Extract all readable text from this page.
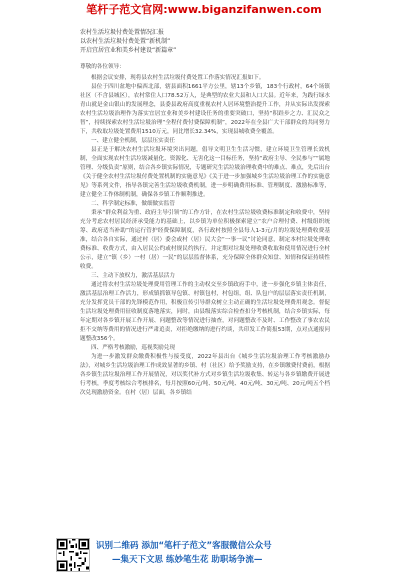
笔杆子范文官网:www.biganzifanwen.com
农村生活垃圾付费处置情况汇报
以农村生活垃圾付费处置“新机制”
开启宜居宜业和美乡村建设“新篇章”
尊敬的各位领导：

根据会议安排，现将县农村生活垃圾付费处置工作落实情况汇报如下。

县位于四川盆地中偏西北部，辖县面积1661平方公里，辖13个乡镇，183个行政村，64个场镇社区（不含县城区），农村常住人口78.52万人，是典型的农业大县和人口大县。近年来，为践行绿水青山就是金山银山的发展理念，县委县政府高度重视农村人居环境整治提升工作，并从实际出发探索农村生活垃圾治理作为落实宜居宜业和美乡村建设任务的重要突破口，坚持“积跬步之力、汇民众之智”，持续探索农村生活垃圾治理“全程付费付费保障机制”，2022年在全县广大干部群众的共同努力下，共收取垃圾处置费用1510万元，同比增长32.34%，实现县城收费全覆盖。

一、建立健全机制，层层压实责任

县正是于解决农村生活垃圾环境突出问题，倡导文明卫生生活习惯，建立环境卫生管理长效机制，全面实现农村生活垃圾减量化、资源化、无害化这一目标任务，坚持“政府主导、全民参与”“属地管理、分级负责”原则，结合各乡镇实际情况，专题研究生活垃圾治理收费中的难点、难点，先后出台《关于健全农村生活垃圾付费处置机制的实施意见》《关于进一步加强城乡生活垃圾治理工作的实施意见》等系列文件，指导各镇完善生活垃圾收费机制，进一步明确费用标准、管理制度、激励标准等，建立健全工作体制机制，确保各乡镇工作顺利推进。

二、科学制定标准，做细做实监管

秉承“群众利益为重、政府主导引领”的工作方针，在农村生活垃圾收费标准制定和收费中，坚持充分考虑农村居民经济承受能力的基础上，以乡镇为单位积极探索建立“农户合理付费、村级组织统筹、政府适当补助”的运行管护经费保障制度，各行政村按照全县每人1-3元/月的垃圾处理费收费基准，结合各自实际，通过村（居）委会或村（居）民大会“一事一议”讨论同意，制定本村垃圾处理收费标准、收费方式，由入居民公约或村规民约执行，并定期对垃圾处理收费收取和使用情况进行全村公示，建立“镇（乡）一村（居）一民”的层层监督体系，充分保障全体群众知盘、知情和保证持续性收费。

三、主动下放权力，激活基层活力

通过将农村生活垃圾处理费用管理工作的主动权交至乡镇政府手中，进一步强化乡镇主体责任，激活基层治理工作活力，形成镇抓镇导包镇、村镇包村，村包组，组、队包户的层层落实责任机制，充分发挥党员干部的先锋模范作用，积极宣传引导群众树立主动正确的生活垃圾处理费用观念。督促生活垃圾处理费用征收制度落地落实，同时，由县级落实综合检查扣分考核机制，结合乡镇实际，每年定期对各乡镇开展工作开展、问题整改等情况进行抽查，对问题整改不及时、工作整改了事农农民拒不交纳等费用的情况进行严肃追责，对拒绝缴纳的进行约谈，共印发工作简报53期，点对点通报问题整改356个。

四、严格考核激励，巡视奖励兑现

为进一步激发群众缴费积极性与接受度，2022年县出台《城乡生活垃圾治理工作考核激励办法》，对城乡生活垃圾治理工作成效显著的乡镇、村（社区）给予奖励支持，在乡镇缴费付费前，根据各乡镇生活垃圾治理工作开展情况，对以奖代补方式对乡镇生活垃圾收集、转运与各乡镇缴费开展进行考核，季度考核综合考核排名，每月按照60元/吨、50元/吨、40元/吨、30元/吨、20元/吨五个档次兑现激励资金。在村（居）层面，各乡镇结

识别二维码 添加“笔杆子范文”客服微信公众号
—集天下文思 练妙笔生花 助职场争流—
